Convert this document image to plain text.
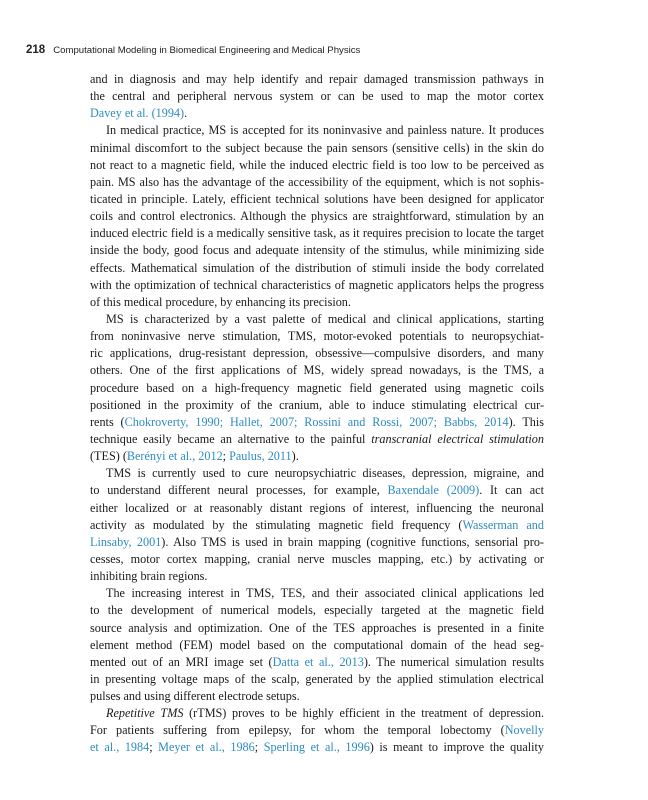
218 Computational Modeling in Biomedical Engineering and Medical Physics
and in diagnosis and may help identify and repair damaged transmission pathways in
the central and peripheral nervous system or can be used to map the motor cortex
Davey et al. (1994).
In medical practice, MS is accepted for its noninvasive and painless nature. It produces
minimal discomfort to the subject because the pain sensors (sensitive cells) in the skin do
not react to a magnetic field, while the induced electric field is too low to be perceived as
pain. MS also has the advantage of the accessibility of the equipment, which is not sophis-
ticated in principle. Lately, efficient technical solutions have been designed for applicator
coils and control electronics. Although the physics are straightforward, stimulation by an
induced electric field is a medically sensitive task, as it requires precision to locate the target
inside the body, good focus and adequate intensity of the stimulus, while minimizing side
effects. Mathematical simulation of the distribution of stimuli inside the body correlated
with the optimization of technical characteristics of magnetic applicators helps the progress
of this medical procedure, by enhancing its precision.
MS is characterized by a vast palette of medical and clinical applications, starting
from noninvasive nerve stimulation, TMS, motor-evoked potentials to neuropsychiat-
ric applications, drug-resistant depression, obsessive—compulsive disorders, and many
others. One of the first applications of MS, widely spread nowadays, is the TMS, a
procedure based on a high-frequency magnetic field generated using magnetic coils
positioned in the proximity of the cranium, able to induce stimulating electrical cur-
rents (Chokroverty, 1990; Hallet, 2007; Rossini and Rossi, 2007; Babbs, 2014). This
technique easily became an alternative to the painful transcranial electrical stimulation
(TES) (Berényi et al., 2012; Paulus, 2011).
TMS is currently used to cure neuropsychiatric diseases, depression, migraine, and
to understand different neural processes, for example, Baxendale (2009). It can act
either localized or at reasonably distant regions of interest, influencing the neuronal
activity as modulated by the stimulating magnetic field frequency (Wasserman and
Linsaby, 2001). Also TMS is used in brain mapping (cognitive functions, sensorial pro-
cesses, motor cortex mapping, cranial nerve muscles mapping, etc.) by activating or
inhibiting brain regions.
The increasing interest in TMS, TES, and their associated clinical applications led
to the development of numerical models, especially targeted at the magnetic field
source analysis and optimization. One of the TES approaches is presented in a finite
element method (FEM) model based on the computational domain of the head seg-
mented out of an MRI image set (Datta et al., 2013). The numerical simulation results
in presenting voltage maps of the scalp, generated by the applied stimulation electrical
pulses and using different electrode setups.
Repetitive TMS (rTMS) proves to be highly efficient in the treatment of depression.
For patients suffering from epilepsy, for whom the temporal lobectomy (Novelly
et al., 1984; Meyer et al., 1986; Sperling et al., 1996) is meant to improve the quality
